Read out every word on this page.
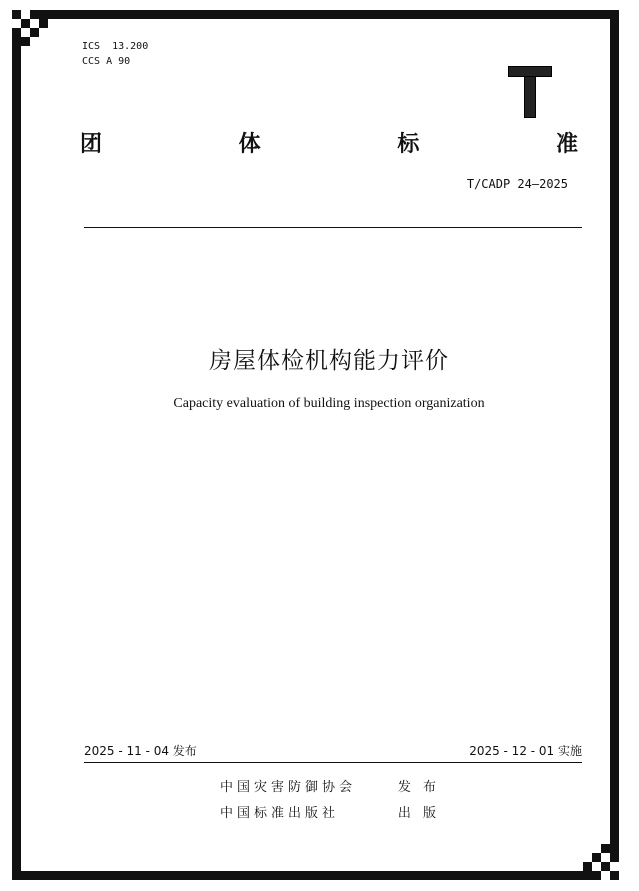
ICS  13.200
CCS A 90
团	体	标	准
T/CADP 24—2025
房屋体检机构能力评价
Capacity evaluation of building inspection organization
2025 - 11 - 04 发布	2025 - 12 - 01 实施
中国灾害防御协会	发 布
中国标准出版社	出 版
